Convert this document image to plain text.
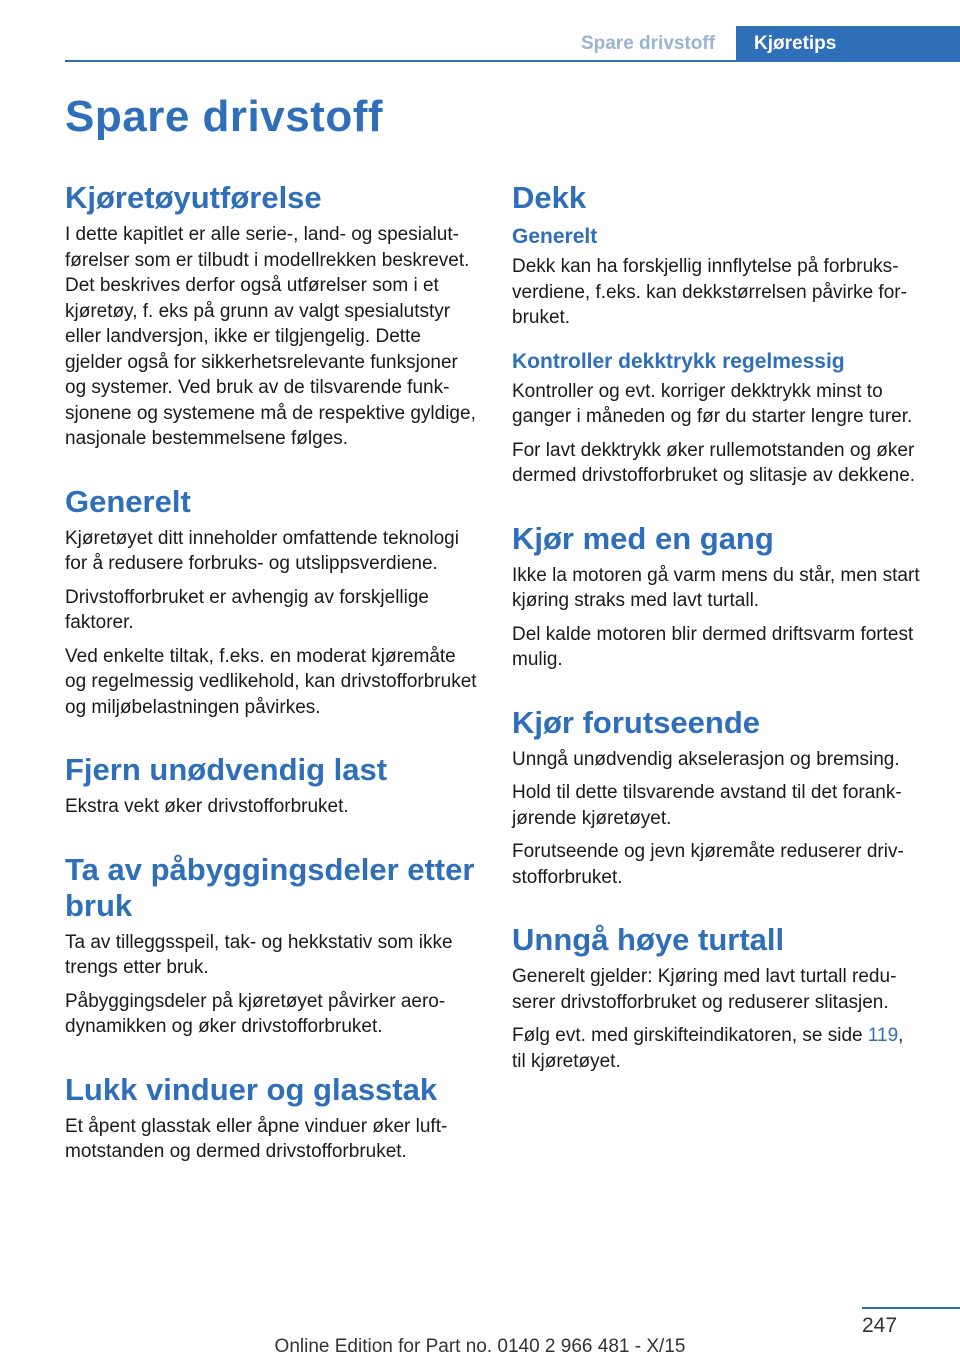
Spare drivstoff	Kjøretips
Spare drivstoff
Kjøretøyutførelse

I dette kapitlet er alle serie-, land- og spesialutførelser som er tilbudt i modellrekken beskrevet. Det beskrives derfor også utførelser som i et kjøretøy, f. eks på grunn av valgt spesialutstyr eller landversjon, ikke er tilgjengelig. Dette gjelder også for sikkerhetsrelevante funksjoner og systemer. Ved bruk av de tilsvarende funksjonene og systemene må de respektive gyldige, nasjonale bestemmelsene følges.

Generelt

Kjøretøyet ditt inneholder omfattende teknologi for å redusere forbruks- og utslippsverdiene.

Drivstofforbruket er avhengig av forskjellige faktorer.

Ved enkelte tiltak, f.eks. en moderat kjøremåte og regelmessig vedlikehold, kan drivstofforbruket og miljøbelastningen påvirkes.

Fjern unødvendig last

Ekstra vekt øker drivstofforbruket.

Ta av påbyggingsdeler etter bruk

Ta av tilleggsspeil, tak- og hekkstativ som ikke trengs etter bruk.

Påbyggingsdeler på kjøretøyet påvirker aerodynamikken og øker drivstofforbruket.

Lukk vinduer og glasstak

Et åpent glasstak eller åpne vinduer øker luftmotstanden og dermed drivstofforbruket.

Dekk
Generelt

Dekk kan ha forskjellig innflytelse på forbruksverdiene, f.eks. kan dekkstørrelsen påvirke forbruket.

Kontroller dekktrykk regelmessig

Kontroller og evt. korriger dekktrykk minst to ganger i måneden og før du starter lengre turer.

For lavt dekktrykk øker rullemotstanden og øker dermed drivstofforbruket og slitasje av dekkene.

Kjør med en gang

Ikke la motoren gå varm mens du står, men start kjøring straks med lavt turtall.

Del kalde motoren blir dermed driftsvarm fortest mulig.

Kjør forutseende

Unngå unødvendig akselerasjon og bremsing.

Hold til dette tilsvarende avstand til det forankjørende kjøretøyet.

Forutseende og jevn kjøremåte reduserer drivstofforbruket.

Unngå høye turtall

Generelt gjelder: Kjøring med lavt turtall reduserer drivstofforbruket og reduserer slitasjen.

Følg evt. med girskifteindikatoren, se side 119,
til kjøretøyet.

247
Online Edition for Part no. 0140 2 966 481 - X/15
